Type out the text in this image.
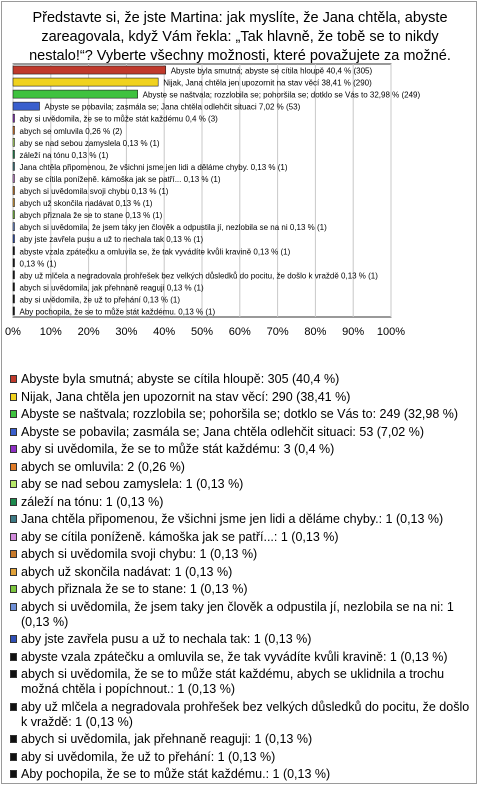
Představte si, že jste Martina: jak myslíte, že Jana chtěla, abyste zareagovala, když Vám řekla: „Tak hlavně, že tobě se to nikdy nestalo!“? Vyberte všechny možnosti, které považujete za možné.
0% 10% 20% 30% 40% 50% 60% 70% 80% 90% 100%
Abyste byla smutná; abyste se cítila hloupě 40,4 % (305)
Nijak, Jana chtěla jen upozornit na stav věcí 38,41 % (290)
Abyste se naštvala; rozzlobila se; pohoršila se; dotklo se Vás to 32,98 % (249)
Abyste se pobavila; zasmála se; Jana chtěla odlehčit situaci 7,02 % (53)
aby si uvědomila, že se to může stát každému 0,4 % (3)
abych se omluvila 0,26 % (2)
aby se nad sebou zamyslela 0,13 % (1)
záleží na tónu 0,13 % (1)
Jana chtěla připomenou, že všichni jsme jen lidi a děláme chyby. 0,13 % (1)
aby se cítila poníženě. kámoška jak se patří... 0,13 % (1)
abych si uvědomila svoji chybu 0,13 % (1)
abych už skončila nadávat 0,13 % (1)
abych přiznala že se to stane 0,13 % (1)
abych si uvědomila, že jsem taky jen člověk a odpustila jí, nezlobila se na ni 0,13 % (1)
aby jste zavřela pusu a už to nechala tak 0,13 % (1)
abyste vzala zpátečku a omluvila se, že tak vyvádíte kvůli kravině 0,13 % (1)
0,13 % (1)
aby už mlčela a negradovala prohřešek bez velkých důsledků do pocitu, že došlo k vraždě 0,13 % (1)
abych si uvědomila, jak přehnaně reaguji 0,13 % (1)
aby si uvědomila, že už to přehání 0,13 % (1)
Aby pochopila, že se to může stát každému. 0,13 % (1)
Abyste byla smutná; abyste se cítila hloupě: 305 (40,4 %)
Nijak, Jana chtěla jen upozornit na stav věcí: 290 (38,41 %)
Abyste se naštvala; rozzlobila se; pohoršila se; dotklo se Vás to: 249 (32,98 %)
Abyste se pobavila; zasmála se; Jana chtěla odlehčit situaci: 53 (7,02 %)
aby si uvědomila, že se to může stát každému: 3 (0,4 %)
abych se omluvila: 2 (0,26 %)
aby se nad sebou zamyslela: 1 (0,13 %)
záleží na tónu: 1 (0,13 %)
Jana chtěla připomenou, že všichni jsme jen lidi a děláme chyby.: 1 (0,13 %)
aby se cítila poníženě. kámoška jak se patří...: 1 (0,13 %)
abych si uvědomila svoji chybu: 1 (0,13 %)
abych už skončila nadávat: 1 (0,13 %)
abych přiznala že se to stane: 1 (0,13 %)
abych si uvědomila, že jsem taky jen člověk a odpustila jí, nezlobila se na ni: 1 (0,13 %)
aby jste zavřela pusu a už to nechala tak: 1 (0,13 %)
abyste vzala zpátečku a omluvila se, že tak vyvádíte kvůli kravině: 1 (0,13 %)
abych si uvědomila, že se to může stát každému, abych se uklidnila a trochu možná chtěla i popíchnout.: 1 (0,13 %)
aby už mlčela a negradovala prohřešek bez velkých důsledků do pocitu, že došlo k vraždě: 1 (0,13 %)
abych si uvědomila, jak přehnaně reaguji: 1 (0,13 %)
aby si uvědomila, že už to přehání: 1 (0,13 %)
Aby pochopila, že se to může stát každému.: 1 (0,13 %)
